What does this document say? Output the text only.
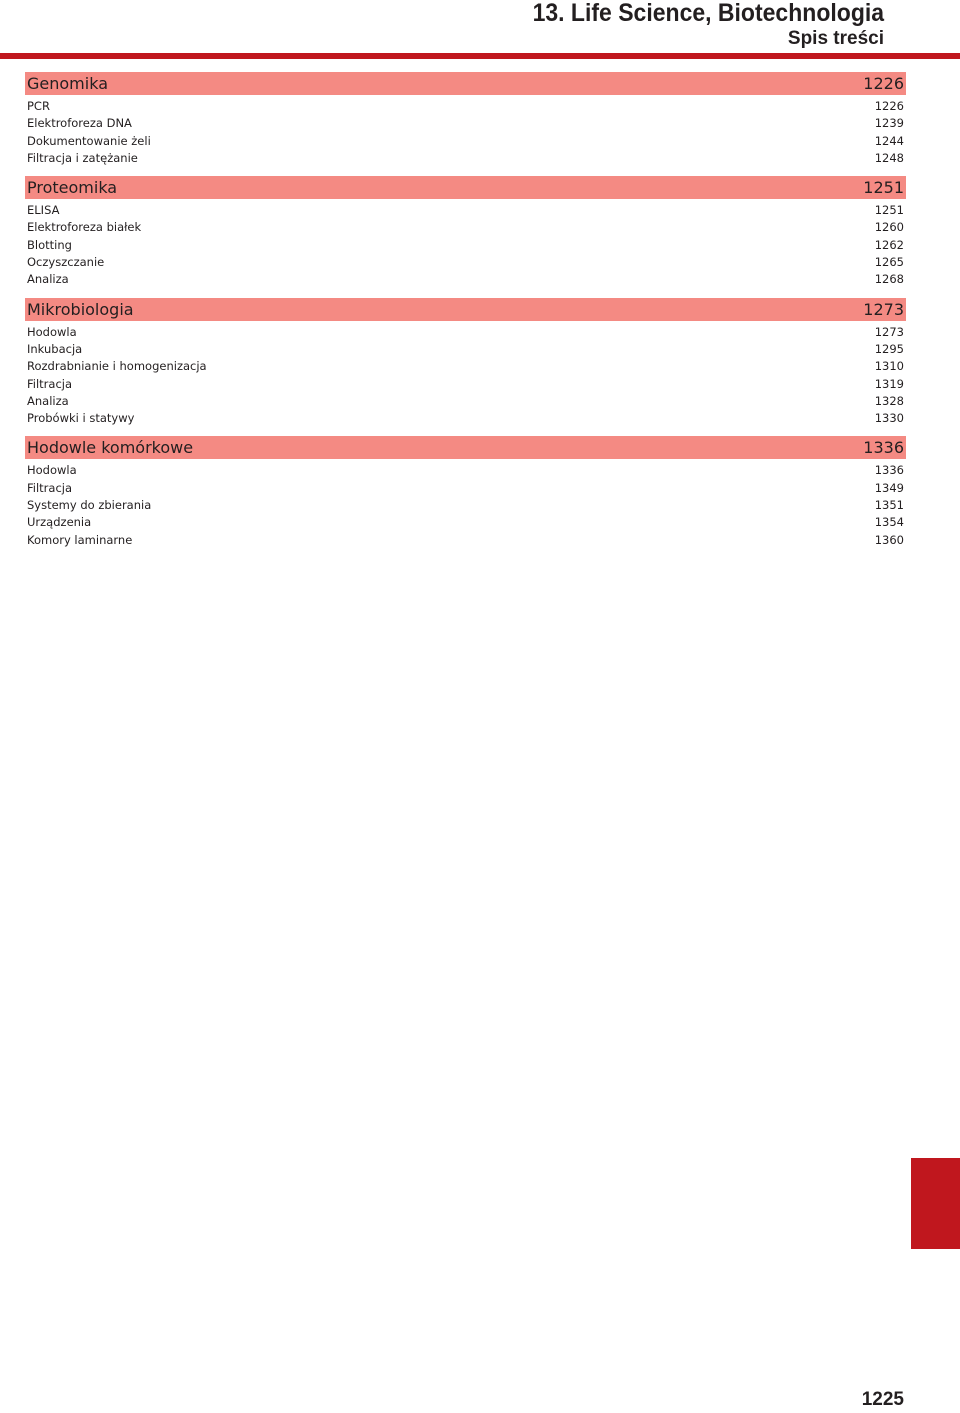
13. Life Science, Biotechnologia
Spis treści
Genomika	1226
PCR	1226
Elektroforeza DNA	1239
Dokumentowanie żeli	1244
Filtracja i zatężanie	1248
Proteomika	1251
ELISA	1251
Elektroforeza białek	1260
Blotting	1262
Oczyszczanie	1265
Analiza	1268
Mikrobiologia	1273
Hodowla	1273
Inkubacja	1295
Rozdrabnianie i homogenizacja	1310
Filtracja	1319
Analiza	1328
Probówki i statywy	1330
Hodowle komórkowe	1336
Hodowla	1336
Filtracja	1349
Systemy do zbierania	1351
Urządzenia	1354
Komory laminarne	1360
1225
